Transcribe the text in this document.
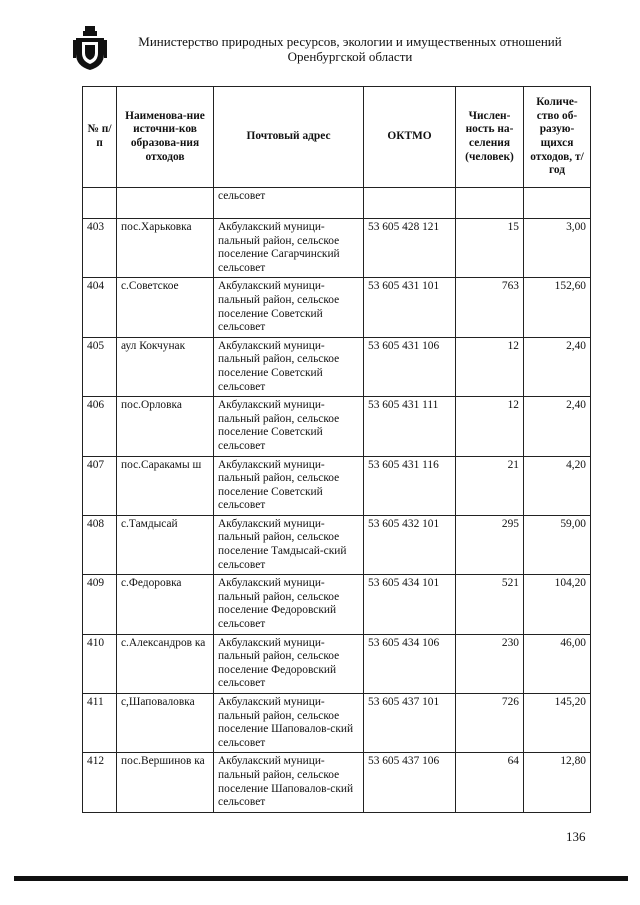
Министерство природных ресурсов, экологии и имущественных отношений
Оренбургской области
№ п/п	Наименова-ние источни-ков образова-ния отходов	Почтовый адрес	ОКТМО	Числен-ность на-селения (человек)	Количе-ство об-разую-щихся отходов, т/год
		сельсовет			
403	пос.Харьковка	Акбулакский муници-пальный район, сельское поселение Сагарчинский сельсовет	53 605 428 121	15	3,00
404	с.Советское	Акбулакский муници-пальный район, сельское поселение Советский сельсовет	53 605 431 101	763	152,60
405	аул Кокчунак	Акбулакский муници-пальный район, сельское поселение Советский сельсовет	53 605 431 106	12	2,40
406	пос.Орловка	Акбулакский муници-пальный район, сельское поселение Советский сельсовет	53 605 431 111	12	2,40
407	пос.Саракамы ш	Акбулакский муници-пальный район, сельское поселение Советский сельсовет	53 605 431 116	21	4,20
408	с.Тамдысай	Акбулакский муници-пальный район, сельское поселение Тамдысай-ский сельсовет	53 605 432 101	295	59,00
409	с.Федоровка	Акбулакский муници-пальный район, сельское поселение Федоровский сельсовет	53 605 434 101	521	104,20
410	с.Александров ка	Акбулакский муници-пальный район, сельское поселение Федоровский сельсовет	53 605 434 106	230	46,00
411	с,Шаповаловка	Акбулакский муници-пальный район, сельское поселение Шаповалов-ский сельсовет	53 605 437 101	726	145,20
412	пос.Вершинов ка	Акбулакский муници-пальный район, сельское поселение Шаповалов-ский сельсовет	53 605 437 106	64	12,80
136
